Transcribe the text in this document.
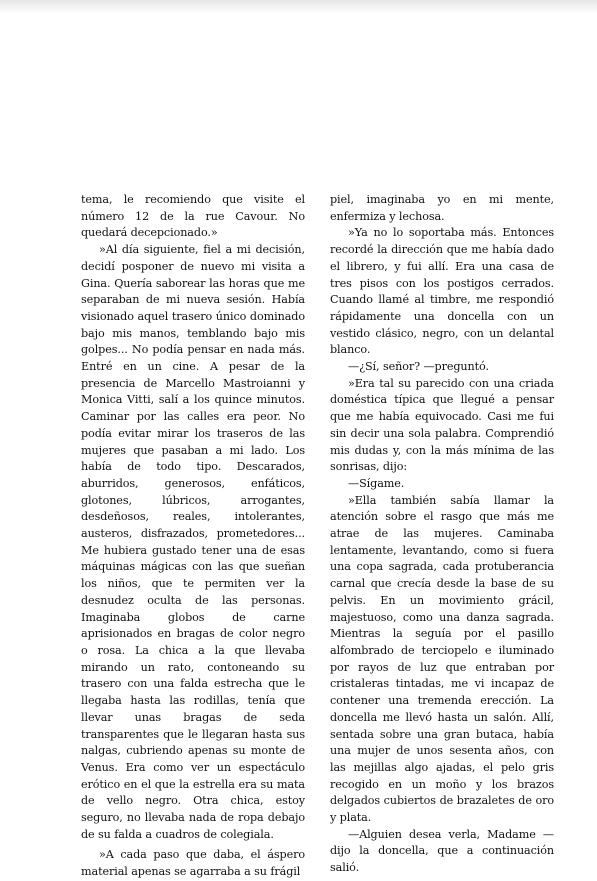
tema, le recomiendo que visite el número 12 de la rue Cavour. No quedará decepcionado.»

»Al día siguiente, fiel a mi decisión, decidí posponer de nuevo mi visita a Gina. Quería saborear las horas que me separaban de mi nueva sesión. Había visionado aquel trasero único dominado bajo mis manos, temblando bajo mis golpes... No podía pensar en nada más. Entré en un cine. A pesar de la presencia de Marcello Mastroianni y Monica Vitti, salí a los quince minutos. Caminar por las calles era peor. No podía evitar mirar los traseros de las mujeres que pasaban a mi lado. Los había de todo tipo. Descarados, aburridos, generosos, enfáticos, glotones, lúbricos, arrogantes, desdeñosos, reales, intolerantes, austeros, disfrazados, prometedores... Me hubiera gustado tener una de esas máquinas mágicas con las que sueñan los niños, que te permiten ver la desnudez oculta de las personas. Imaginaba globos de carne aprisionados en bragas de color negro o rosa. La chica a la que llevaba mirando un rato, contoneando su trasero con una falda estrecha que le llegaba hasta las rodillas, tenía que llevar unas bragas de seda transparentes que le llegaran hasta sus nalgas, cubriendo apenas su monte de Venus. Era como ver un espectáculo erótico en el que la estrella era su mata de vello negro. Otra chica, estoy seguro, no llevaba nada de ropa debajo de su falda a cuadros de colegiala.

»A cada paso que daba, el áspero material apenas se agarraba a su frágil

piel, imaginaba yo en mi mente, enfermiza y lechosa.

»Ya no lo soportaba más. Entonces recordé la dirección que me había dado el librero, y fui allí. Era una casa de tres pisos con los postigos cerrados. Cuando llamé al timbre, me respondió rápidamente una doncella con un vestido clásico, negro, con un delantal blanco.

—¿Sí, señor? —preguntó.

»Era tal su parecido con una criada doméstica típica que llegué a pensar que me había equivocado. Casi me fui sin decir una sola palabra. Comprendió mis dudas y, con la más mínima de las sonrisas, dijo:

—Sígame.

»Ella también sabía llamar la atención sobre el rasgo que más me atrae de las mujeres. Caminaba lentamente, levantando, como si fuera una copa sagrada, cada protuberancia carnal que crecía desde la base de su pelvis. En un movimiento grácil, majestuoso, como una danza sagrada. Mientras la seguía por el pasillo alfombrado de terciopelo e iluminado por rayos de luz que entraban por cristaleras tintadas, me vi incapaz de contener una tremenda erección. La doncella me llevó hasta un salón. Allí, sentada sobre una gran butaca, había una mujer de unos sesenta años, con las mejillas algo ajadas, el pelo gris recogido en un moño y los brazos delgados cubiertos de brazaletes de oro y plata.

—Alguien desea verla, Madame —dijo la doncella, que a continuación salió.
